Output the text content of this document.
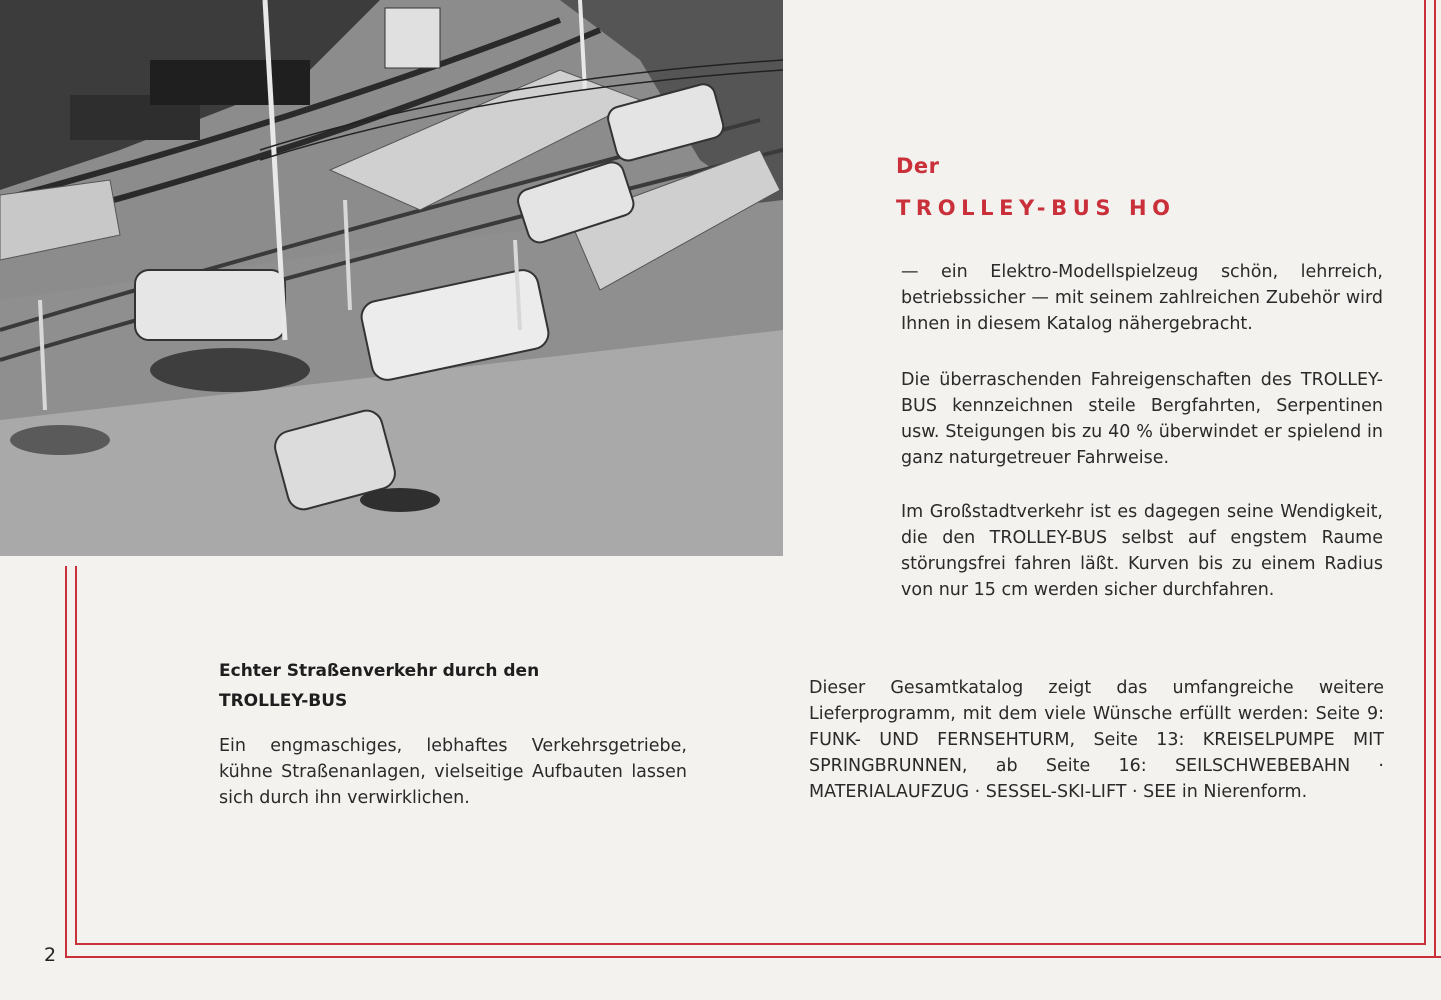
Der
TROLLEY-BUS HO
— ein Elektro-Modellspielzeug schön, lehrreich, betriebssicher — mit seinem zahlreichen Zubehör wird Ihnen in diesem Katalog nähergebracht.
Die überraschenden Fahreigenschaften des TROLLEY-BUS kennzeichnen steile Bergfahrten, Serpentinen usw. Steigungen bis zu 40 % überwindet er spielend in ganz naturgetreuer Fahrweise.
Im Großstadtverkehr ist es dagegen seine Wendigkeit, die den TROLLEY-BUS selbst auf engstem Raume störungsfrei fahren läßt. Kurven bis zu einem Radius von nur 15 cm werden sicher durchfahren.
Echter Straßenverkehr durch den
TROLLEY-BUS
Ein engmaschiges, lebhaftes Verkehrsgetriebe, kühne Straßenanlagen, vielseitige Aufbauten lassen sich durch ihn verwirklichen.
Dieser Gesamtkatalog zeigt das umfangreiche weitere Lieferprogramm, mit dem viele Wünsche erfüllt werden: Seite 9: FUNK- UND FERNSEHTURM, Seite 13: KREISELPUMPE MIT SPRINGBRUNNEN, ab Seite 16: SEILSCHWEBEBAHN · MATERIALAUFZUG · SESSEL-SKI-LIFT · SEE in Nierenform.
2
